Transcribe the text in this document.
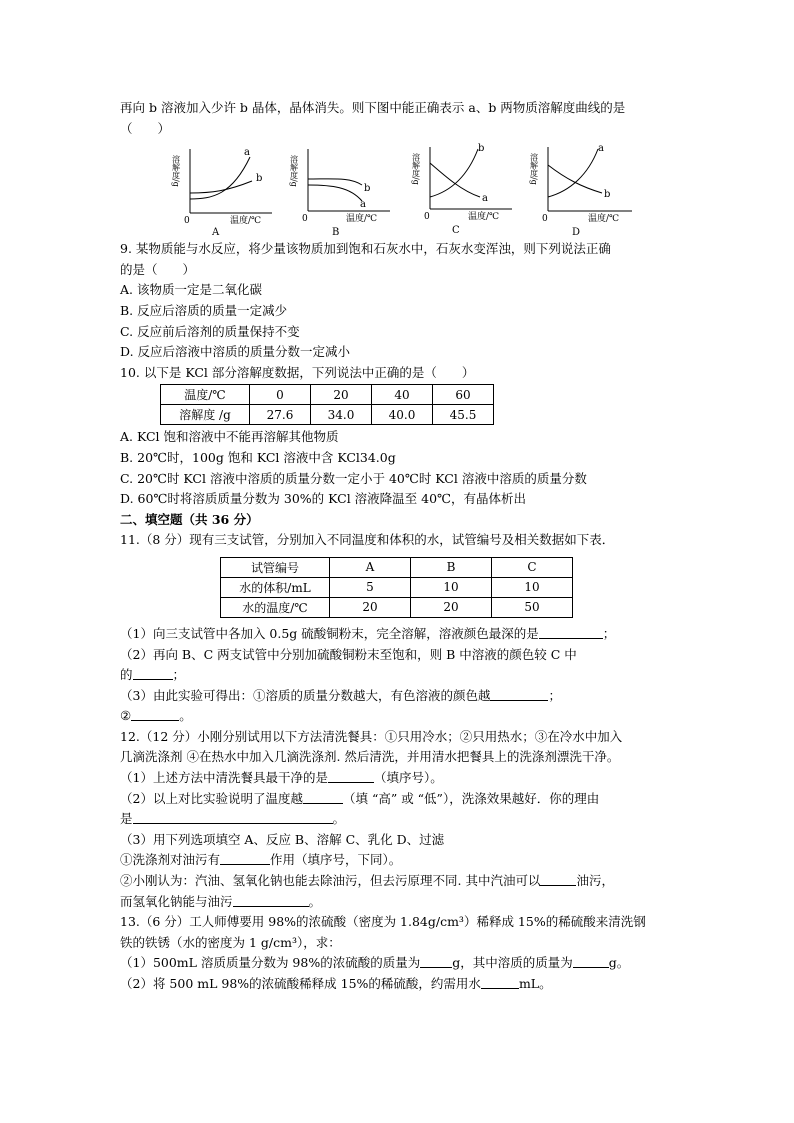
再向 b 溶液加入少许 b 晶体，晶体消失。则下图中能正确表示 a、b 两物质溶解度曲线的是
（　　）
a
b
0	温度/℃
溶解度/g
A
b
a
0	温度/℃
溶解度/g
B
b
a
0	温度/℃
溶解度/g
C
a
b
0	温度/℃
溶解度/g
D
9. 某物质能与水反应，将少量该物质加到饱和石灰水中，石灰水变浑浊，则下列说法正确
的是（　　）
A. 该物质一定是二氧化碳
B. 反应后溶质的质量一定减少
C. 反应前后溶剂的质量保持不变
D. 反应后溶液中溶质的质量分数一定减小
10. 以下是 KCl 部分溶解度数据，下列说法中正确的是（　　）
温度/℃	0	20	40	60
溶解度 /g	27.6	34.0	40.0	45.5
A. KCl 饱和溶液中不能再溶解其他物质
B. 20℃时，100g 饱和 KCl 溶液中含 KCl34.0g
C. 20℃时 KCl 溶液中溶质的质量分数一定小于 40℃时 KCl 溶液中溶质的质量分数
D. 60℃时将溶质质量分数为 30%的 KCl 溶液降温至 40℃，有晶体析出
二、填空题（共 36 分）
11.（8 分）现有三支试管，分别加入不同温度和体积的水，试管编号及相关数据如下表．
试管编号	A	B	C
水的体积/mL	5	10	10
水的温度/℃	20	20	50
（1）向三支试管中各加入 0.5g 硫酸铜粉末，完全溶解，溶液颜色最深的是	；
（2）再向 B、C 两支试管中分别加硫酸铜粉末至饱和，则 B 中溶液的颜色较 C 中
的	；
（3）由此实验可得出：①溶质的质量分数越大，有色溶液的颜色越	；
②	。
12.（12 分）小刚分别试用以下方法清洗餐具：①只用冷水；②只用热水；③在冷水中加入
几滴洗涤剂 ④在热水中加入几滴洗涤剂. 然后清洗，并用清水把餐具上的洗涤剂漂洗干净。
（1）上述方法中清洗餐具最干净的是	（填序号）。
（2）以上对比实验说明了温度越	（填 “高” 或 “低”），洗涤效果越好．你的理由
是	。
（3）用下列选项填空 A、反应 B、溶解 C、乳化 D、过滤
①洗涤剂对油污有	作用（填序号，下同）。
②小刚认为：汽油、氢氧化钠也能去除油污，但去污原理不同. 其中汽油可以	油污，
而氢氧化钠能与油污	。
13.（6 分）工人师傅要用 98%的浓硫酸（密度为 1.84g/cm³）稀释成 15%的稀硫酸来清洗钢
铁的铁锈（水的密度为 1 g/cm³），求：
（1）500mL 溶质质量分数为 98%的浓硫酸的质量为	g，其中溶质的质量为	g。
（2）将 500 mL 98%的浓硫酸稀释成 15%的稀硫酸，约需用水	mL。
